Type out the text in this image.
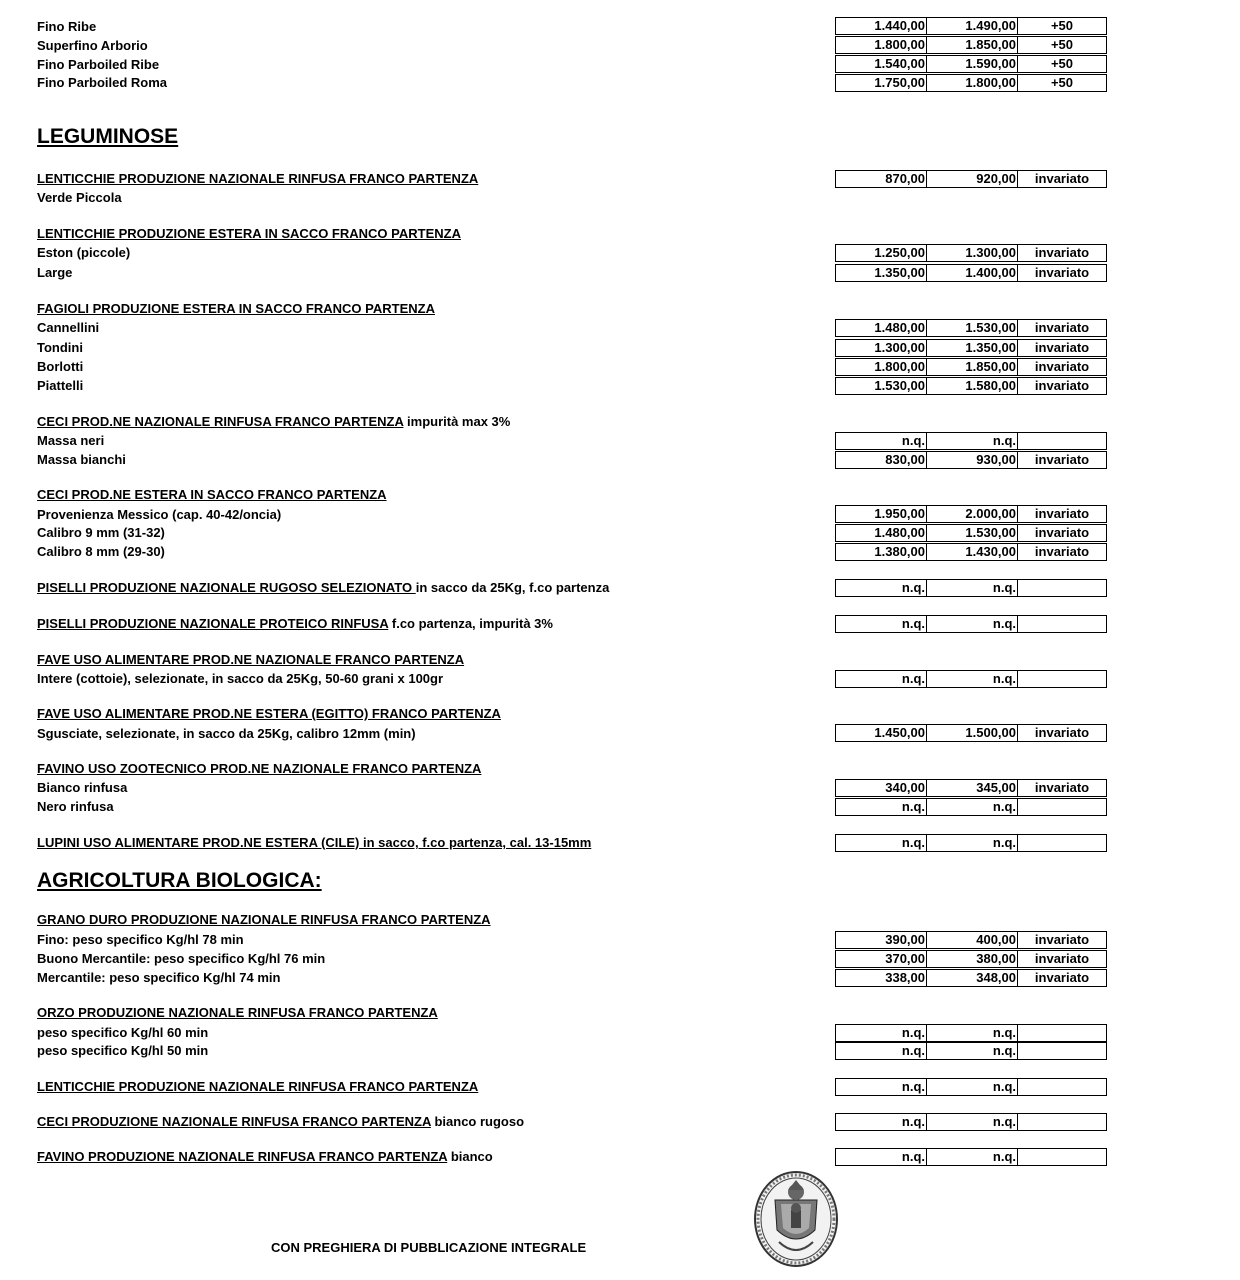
Fino Ribe	1.440,00	1.490,00	+50
Superfino Arborio	1.800,00	1.850,00	+50
Fino Parboiled Ribe	1.540,00	1.590,00	+50
Fino Parboiled Roma	1.750,00	1.800,00	+50
LEGUMINOSE
LENTICCHIE PRODUZIONE NAZIONALE RINFUSA FRANCO PARTENZA	870,00	920,00	invariato
Verde Piccola
LENTICCHIE PRODUZIONE ESTERA IN SACCO FRANCO PARTENZA
Eston (piccole)	1.250,00	1.300,00	invariato
Large	1.350,00	1.400,00	invariato
FAGIOLI PRODUZIONE ESTERA IN SACCO FRANCO PARTENZA
Cannellini	1.480,00	1.530,00	invariato
Tondini	1.300,00	1.350,00	invariato
Borlotti	1.800,00	1.850,00	invariato
Piattelli	1.530,00	1.580,00	invariato
CECI PROD.NE NAZIONALE RINFUSA FRANCO PARTENZA impurità max 3%
Massa neri	n.q.	n.q.
Massa bianchi	830,00	930,00	invariato
CECI PROD.NE ESTERA IN SACCO FRANCO PARTENZA
Provenienza Messico (cap. 40-42/oncia)	1.950,00	2.000,00	invariato
Calibro 9 mm (31-32)	1.480,00	1.530,00	invariato
Calibro 8 mm (29-30)	1.380,00	1.430,00	invariato
PISELLI PRODUZIONE NAZIONALE RUGOSO SELEZIONATO in sacco da 25Kg, f.co partenza	n.q.	n.q.
PISELLI PRODUZIONE NAZIONALE PROTEICO RINFUSA f.co partenza, impurità 3%	n.q.	n.q.
FAVE USO ALIMENTARE PROD.NE NAZIONALE FRANCO PARTENZA
Intere (cottoie), selezionate, in sacco da 25Kg, 50-60 grani x 100gr	n.q.	n.q.
FAVE USO ALIMENTARE PROD.NE ESTERA (EGITTO) FRANCO PARTENZA
Sgusciate, selezionate, in sacco da 25Kg, calibro 12mm (min)	1.450,00	1.500,00	invariato
FAVINO USO ZOOTECNICO PROD.NE NAZIONALE FRANCO PARTENZA
Bianco rinfusa	340,00	345,00	invariato
Nero rinfusa	n.q.	n.q.
LUPINI USO ALIMENTARE PROD.NE ESTERA (CILE) in sacco, f.co partenza, cal. 13-15mm	n.q.	n.q.
AGRICOLTURA BIOLOGICA:
GRANO DURO PRODUZIONE NAZIONALE RINFUSA FRANCO PARTENZA
Fino: peso specifico Kg/hl 78 min	390,00	400,00	invariato
Buono Mercantile: peso specifico Kg/hl 76 min	370,00	380,00	invariato
Mercantile: peso specifico Kg/hl 74 min	338,00	348,00	invariato
ORZO PRODUZIONE NAZIONALE RINFUSA FRANCO PARTENZA
peso specifico Kg/hl 60 min	n.q.	n.q.
peso specifico Kg/hl 50 min	n.q.	n.q.
LENTICCHIE PRODUZIONE NAZIONALE RINFUSA FRANCO PARTENZA	n.q.	n.q.
CECI PRODUZIONE NAZIONALE RINFUSA FRANCO PARTENZA bianco rugoso	n.q.	n.q.
FAVINO PRODUZIONE NAZIONALE RINFUSA FRANCO PARTENZA bianco	n.q.	n.q.
CON PREGHIERA DI PUBBLICAZIONE INTEGRALE
